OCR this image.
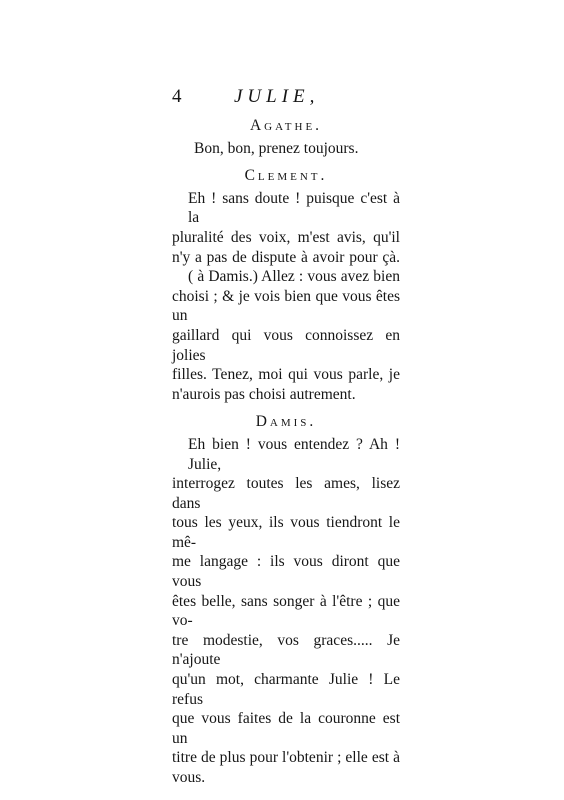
4	JULIE,
Agathe.
Bon, bon, prenez toujours.
Clement.
Eh ! sans doute ! puisque c'est à la
pluralité des voix, m'est avis, qu'il
n'y a pas de dispute à avoir pour çà.
( à Damis.) Allez : vous avez bien
choisi ; & je vois bien que vous êtes un
gaillard qui vous connoissez en jolies
filles. Tenez, moi qui vous parle, je
n'aurois pas choisi autrement.
Damis.
Eh bien ! vous entendez ? Ah ! Julie,
interrogez toutes les ames, lisez dans
tous les yeux, ils vous tiendront le mê-
me langage : ils vous diront que vous
êtes belle, sans songer à l'être ; que vo-
tre modestie, vos graces..... Je n'ajoute
qu'un mot, charmante Julie ! Le refus
que vous faites de la couronne est un
titre de plus pour l'obtenir ; elle est à
vous.
